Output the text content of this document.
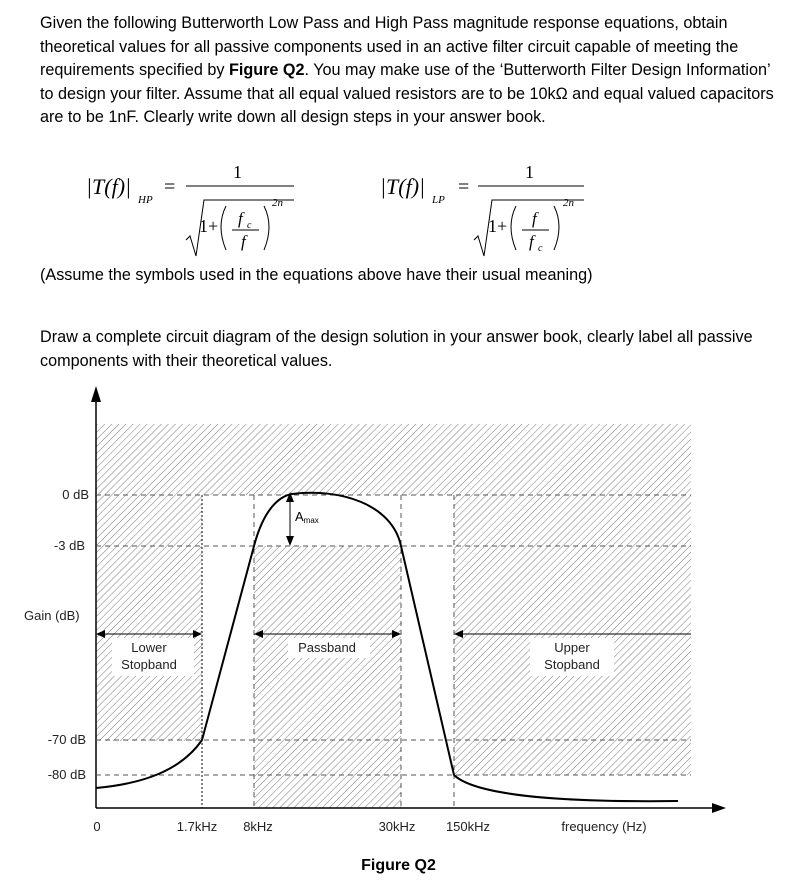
Given the following Butterworth Low Pass and High Pass magnitude response equations, obtain theoretical values for all passive components used in an active filter circuit capable of meeting the requirements specified by Figure Q2. You may make use of the ‘Butterworth Filter Design Information’ to design your filter. Assume that all equal valued resistors are to be 10kΩ and equal valued capacitors are to be 1nF. Clearly write down all design steps in your answer book.
|T(f)|
HP
=
1
1+ f c
f
2n
|T(f)|
LP
=
1
1+ f
f c
2n
(Assume the symbols used in the equations above have their usual meaning)
Draw a complete circuit diagram of the design solution in your answer book, clearly label all passive components with their theoretical values.
Amax
Lower
Stopband
Passband	Upper
Stopband
0 dB
-3 dB
-70 dB
-80 dB
Gain (dB)
0	1.7kHz 8kHz	30kHz 150kHz	frequency (Hz)
Figure Q2
